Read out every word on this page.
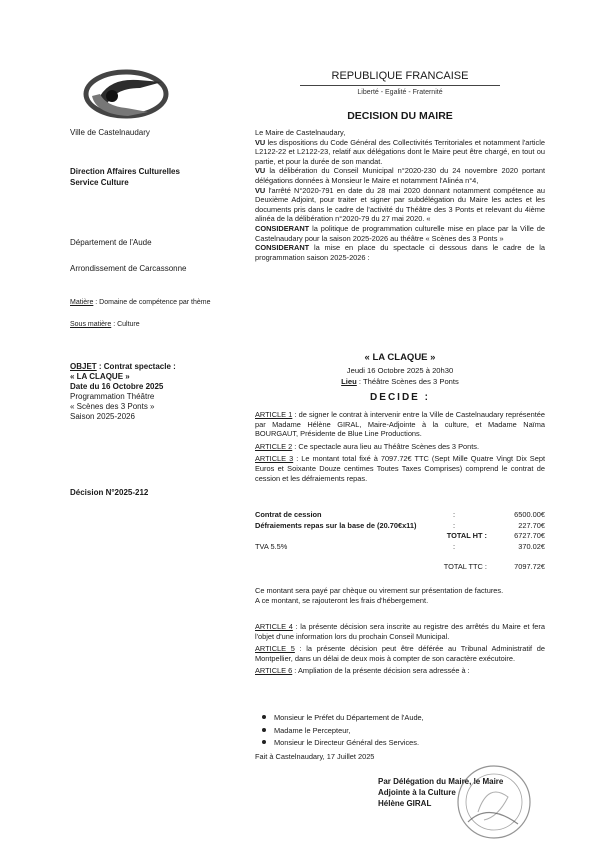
Ville de Castelnaudary
Direction Affaires Culturelles
Service Culture
Département de l'Aude
Arrondissement de Carcassonne
Matière : Domaine de compétence par thème
Sous matière : Culture
OBJET : Contrat spectacle :
« LA CLAQUE »
Date du 16 Octobre 2025
Programmation Théâtre
« Scènes des 3 Ponts »
Saison 2025-2026
Décision N°2025-212
REPUBLIQUE FRANCAISE
Liberté - Egalité - Fraternité
DECISION DU MAIRE
Le Maire de Castelnaudary,
VU les dispositions du Code Général des Collectivités Territoriales et notamment l'article L2122-22 et L2122-23, relatif aux délégations dont le Maire peut être chargé, en tout ou partie, et pour la durée de son mandat.
VU la délibération du Conseil Municipal n°2020-230 du 24 novembre 2020 portant délégations données à Monsieur le Maire et notamment l'Alinéa n°4,
VU l'arrêté N°2020-791 en date du 28 mai 2020 donnant notamment compétence au Deuxième Adjoint, pour traiter et signer par subdélégation du Maire les actes et les documents pris dans le cadre de l'activité du Théâtre des 3 Ponts et relevant du 4ième alinéa de la délibération n°2020-79 du 27 mai 2020. «
CONSIDERANT la politique de programmation culturelle mise en place par la Ville de Castelnaudary pour la saison 2025-2026 au théâtre « Scènes des 3 Ponts »
CONSIDERANT la mise en place du spectacle ci dessous dans le cadre de la programmation saison 2025-2026 :
« LA CLAQUE »
Jeudi 16 Octobre 2025 à 20h30
Lieu : Théâtre Scènes des 3 Ponts
DECIDE :
ARTICLE 1 : de signer le contrat à intervenir entre la Ville de Castelnaudary représentée par Madame Hélène GIRAL, Maire-Adjointe à la culture, et Madame Naïma BOURGAUT, Présidente de Blue Line Productions.
ARTICLE 2 : Ce spectacle aura lieu au Théâtre Scènes des 3 Ponts.
ARTICLE 3 : Le montant total fixé à 7097.72€ TTC (Sept Mille Quatre Vingt Dix Sept Euros et Soixante Douze centimes Toutes Taxes Comprises) comprend le contrat de cession et les défraiements repas.
Contrat de cession	:	6500.00€
Défraiements repas sur la base de (20.70€x11)	:	227.70€
TOTAL HT :	6727.70€
TVA 5.5%	:	370.02€
TOTAL TTC :	7097.72€
Ce montant sera payé par chèque ou virement sur présentation de factures.
A ce montant, se rajouteront les frais d'hébergement.
ARTICLE 4 : la présente décision sera inscrite au registre des arrêtés du Maire et fera l'objet d'une information lors du prochain Conseil Municipal.
ARTICLE 5 : la présente décision peut être déférée au Tribunal Administratif de Montpellier, dans un délai de deux mois à compter de son caractère exécutoire.
ARTICLE 6 : Ampliation de la présente décision sera adressée à :
Monsieur le Préfet du Département de l'Aude,
Madame le Percepteur,
Monsieur le Directeur Général des Services.
Fait à Castelnaudary, 17 Juillet 2025
Par Délégation du Maire, le Maire
Adjointe à la Culture
Hélène GIRAL
